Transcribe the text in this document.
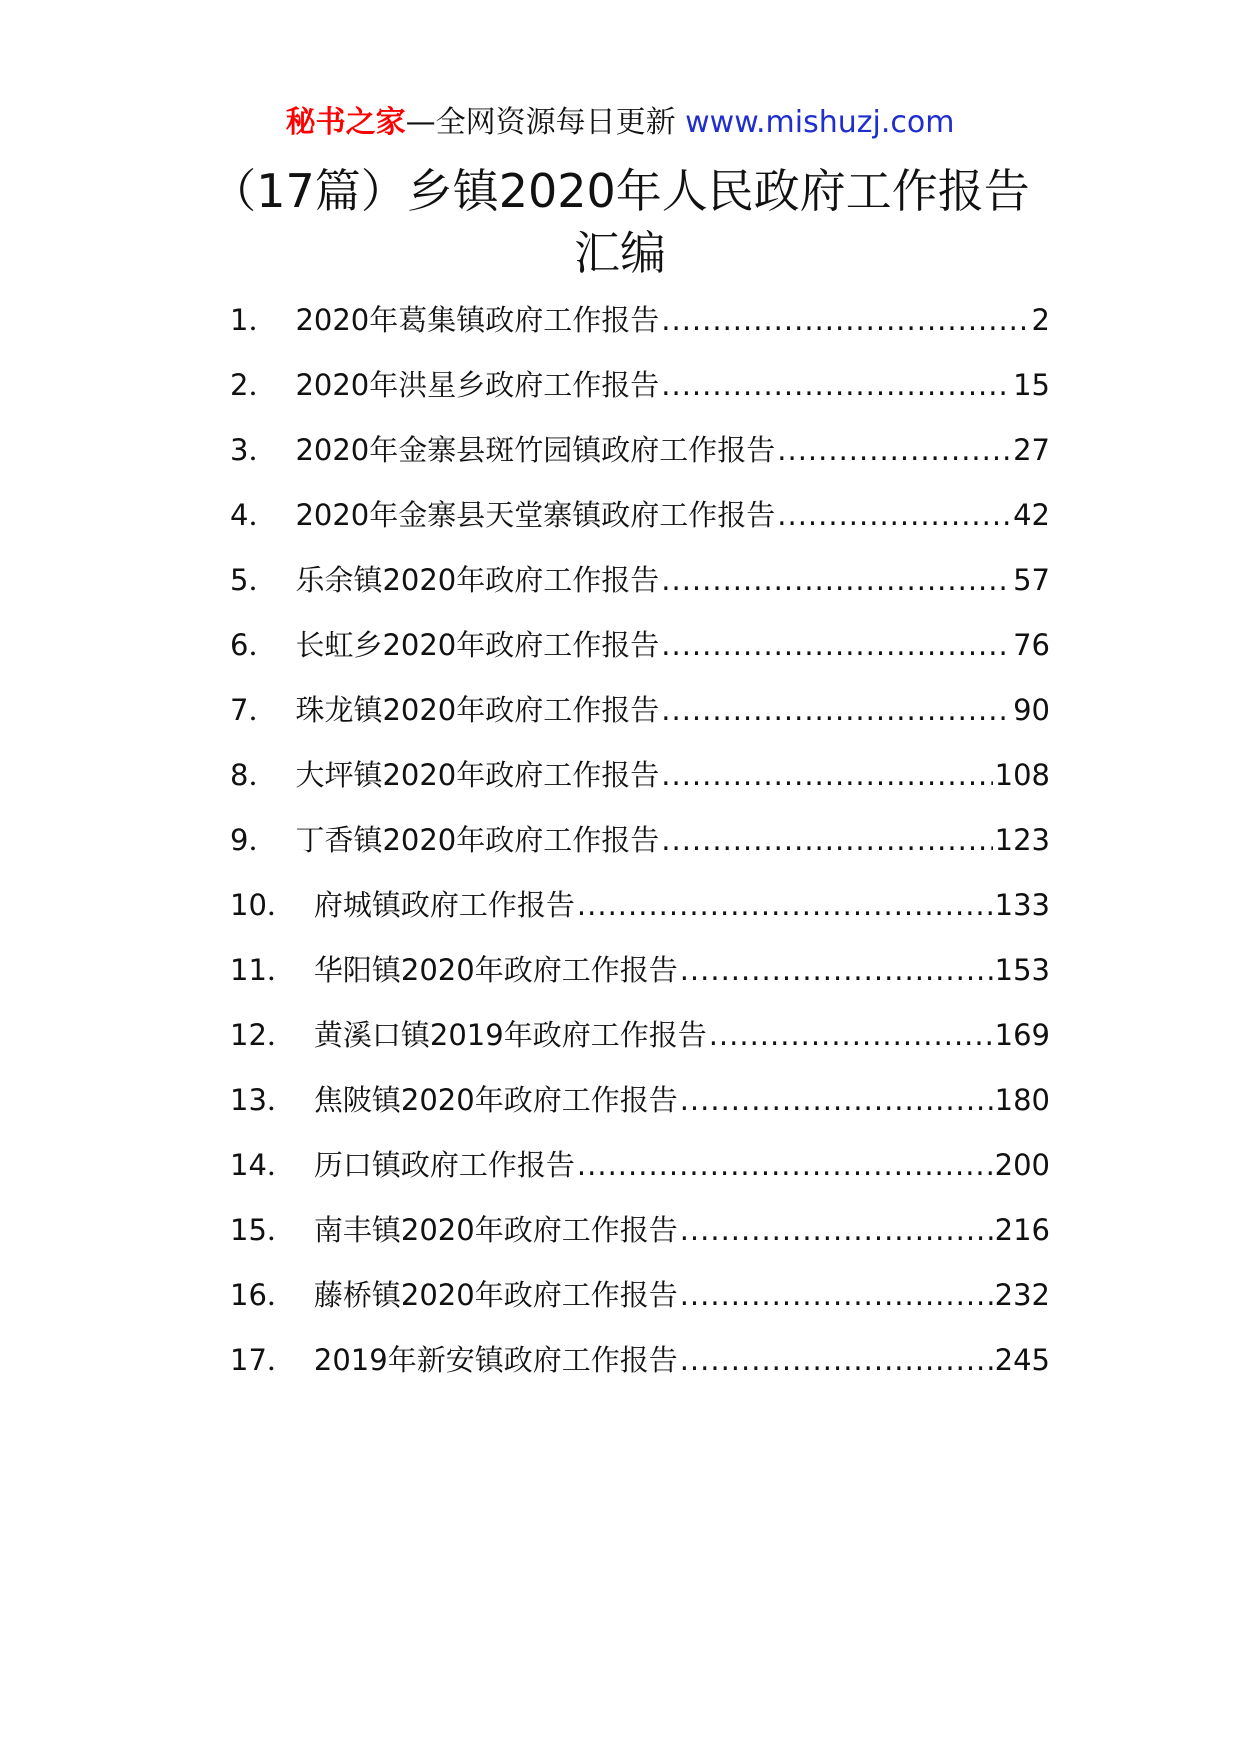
秘书之家—全网资源每日更新 www.mishuzj.com
（17篇）乡镇2020年人民政府工作报告汇编
1． 2020年葛集镇政府工作报告 .....	2
2． 2020年洪星乡政府工作报告 .....	15
3． 2020年金寨县斑竹园镇政府工作报告 .....	27
4． 2020年金寨县天堂寨镇政府工作报告 .....	42
5． 乐余镇2020年政府工作报告 .....	57
6． 长虹乡2020年政府工作报告 .....	76
7． 珠龙镇2020年政府工作报告 .....	90
8． 大坪镇2020年政府工作报告 .....	108
9． 丁香镇2020年政府工作报告 .....	123
10． 府城镇政府工作报告 .....	133
11． 华阳镇2020年政府工作报告 .....	153
12． 黄溪口镇2019年政府工作报告 .....	169
13． 焦陂镇2020年政府工作报告 .....	180
14． 历口镇政府工作报告 .....	200
15． 南丰镇2020年政府工作报告 .....	216
16． 藤桥镇2020年政府工作报告 .....	232
17． 2019年新安镇政府工作报告 .....	245
